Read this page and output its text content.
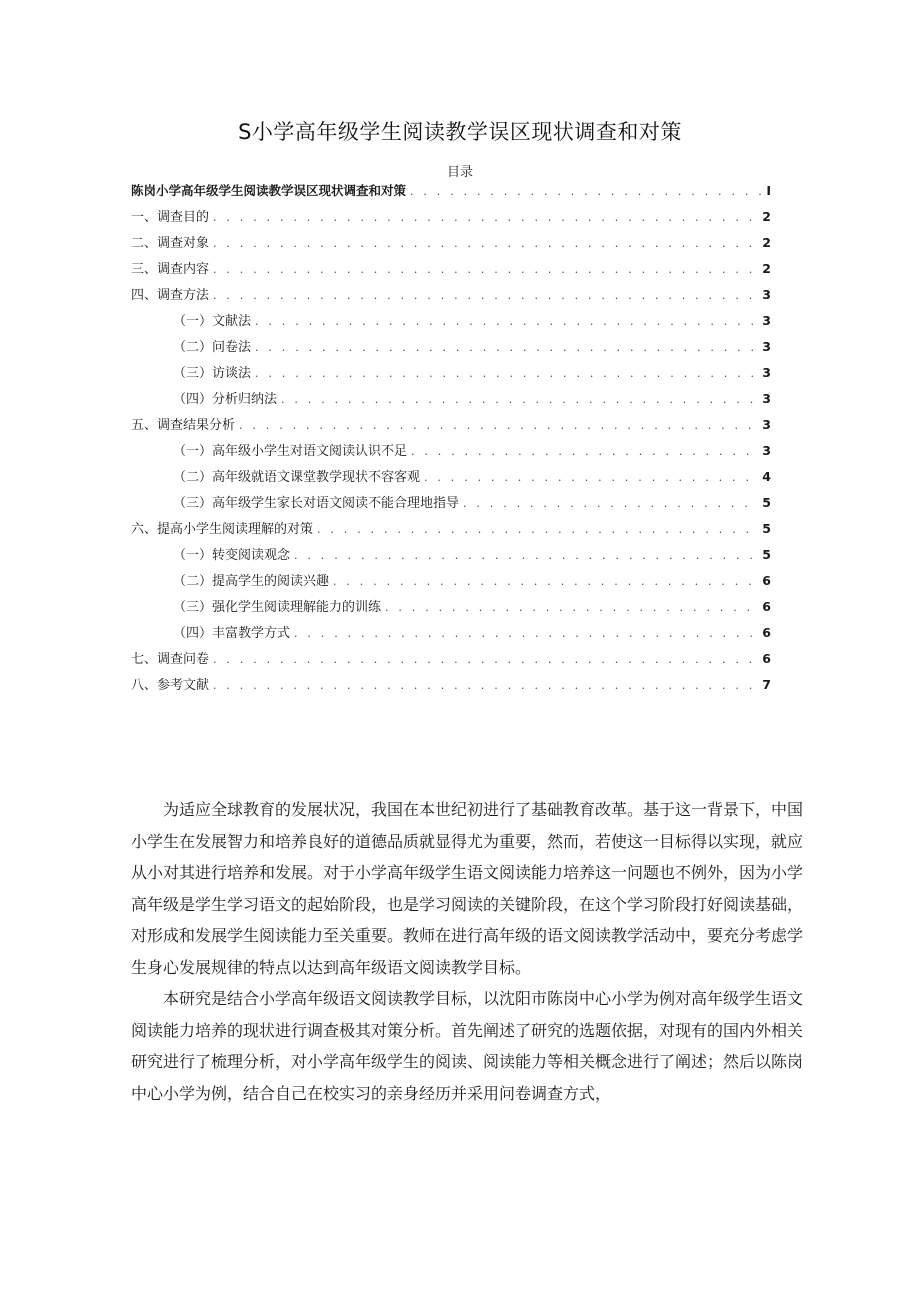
S小学高年级学生阅读教学误区现状调查和对策
目录
陈岗小学高年级学生阅读教学误区现状调查和对策 . . .	I
一、调查目的 . . .	2
二、调查对象 . . .	2
三、调查内容 . . .	2
四、调查方法 . . .	3
（一）文献法 . . .	3
（二）问卷法 . . .	3
（三）访谈法 . . .	3
（四）分析归纳法 . . .	3
五、调查结果分析 . . .	3
（一）高年级小学生对语文阅读认识不足 . . .	3
（二）高年级就语文课堂教学现状不容客观 . . .	4
（三）高年级学生家长对语文阅读不能合理地指导 . . .	5
六、提高小学生阅读理解的对策 . . .	5
（一）转变阅读观念 . . .	5
（二）提高学生的阅读兴趣 . . .	6
（三）强化学生阅读理解能力的训练 . . .	6
（四）丰富教学方式 . . .	6
七、调查问卷 . . .	6
八、参考文献 . . .	7

为适应全球教育的发展状况，我国在本世纪初进行了基础教育改革。基于这一背景下，中国小学生在发展智力和培养良好的道德品质就显得尤为重要，然而，若使这一目标得以实现，就应从小对其进行培养和发展。对于小学高年级学生语文阅读能力培养这一问题也不例外，因为小学高年级是学生学习语文的起始阶段，也是学习阅读的关键阶段，在这个学习阶段打好阅读基础，对形成和发展学生阅读能力至关重要。教师在进行高年级的语文阅读教学活动中，要充分考虑学生身心发展规律的特点以达到高年级语文阅读教学目标。

本研究是结合小学高年级语文阅读教学目标，以沈阳市陈岗中心小学为例对高年级学生语文阅读能力培养的现状进行调查极其对策分析。首先阐述了研究的选题依据，对现有的国内外相关研究进行了梳理分析，对小学高年级学生的阅读、阅读能力等相关概念进行了阐述；然后以陈岗中心小学为例，结合自己在校实习的亲身经历并采用问卷调查方式，
